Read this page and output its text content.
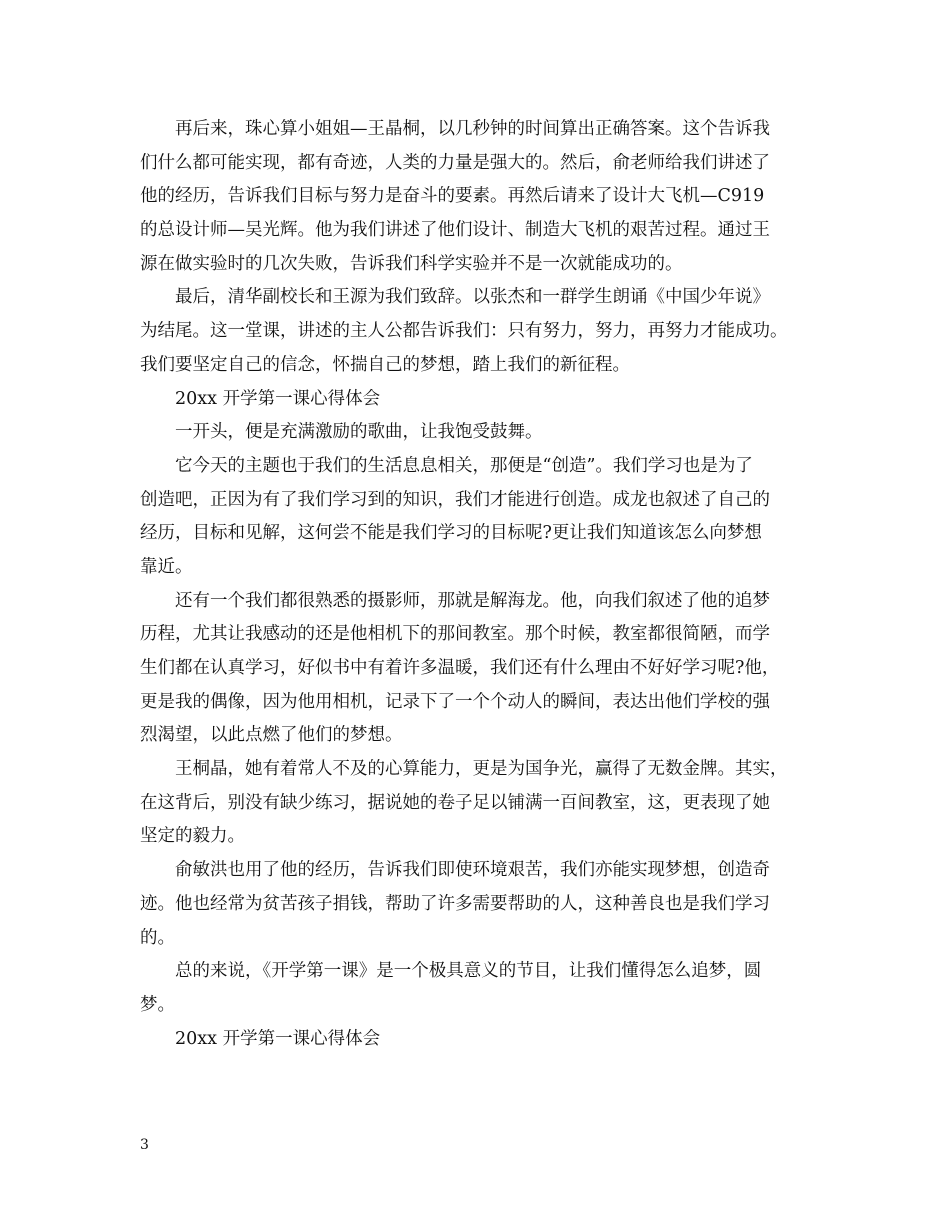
再后来，珠心算小姐姐—王晶桐，以几秒钟的时间算出正确答案。这个告诉我
们什么都可能实现，都有奇迹，人类的力量是强大的。然后，俞老师给我们讲述了
他的经历，告诉我们目标与努力是奋斗的要素。再然后请来了设计大飞机—C919
的总设计师—吴光辉。他为我们讲述了他们设计、制造大飞机的艰苦过程。通过王
源在做实验时的几次失败，告诉我们科学实验并不是一次就能成功的。
最后，清华副校长和王源为我们致辞。以张杰和一群学生朗诵《中国少年说》
为结尾。这一堂课，讲述的主人公都告诉我们：只有努力，努力，再努力才能成功。
我们要坚定自己的信念，怀揣自己的梦想，踏上我们的新征程。
20xx 开学第一课心得体会
一开头，便是充满激励的歌曲，让我饱受鼓舞。
它今天的主题也于我们的生活息息相关，那便是“创造”。我们学习也是为了
创造吧，正因为有了我们学习到的知识，我们才能进行创造。成龙也叙述了自己的
经历，目标和见解，这何尝不能是我们学习的目标呢?更让我们知道该怎么向梦想
靠近。
还有一个我们都很熟悉的摄影师，那就是解海龙。他，向我们叙述了他的追梦
历程，尤其让我感动的还是他相机下的那间教室。那个时候，教室都很简陋，而学
生们都在认真学习，好似书中有着许多温暖，我们还有什么理由不好好学习呢?他，
更是我的偶像，因为他用相机，记录下了一个个动人的瞬间，表达出他们学校的强
烈渴望，以此点燃了他们的梦想。
王桐晶，她有着常人不及的心算能力，更是为国争光，赢得了无数金牌。其实，
在这背后，别没有缺少练习，据说她的卷子足以铺满一百间教室，这，更表现了她
坚定的毅力。
俞敏洪也用了他的经历，告诉我们即使环境艰苦，我们亦能实现梦想，创造奇
迹。他也经常为贫苦孩子捐钱，帮助了许多需要帮助的人，这种善良也是我们学习
的。
总的来说，《开学第一课》是一个极具意义的节目，让我们懂得怎么追梦，圆
梦。
20xx 开学第一课心得体会
3
